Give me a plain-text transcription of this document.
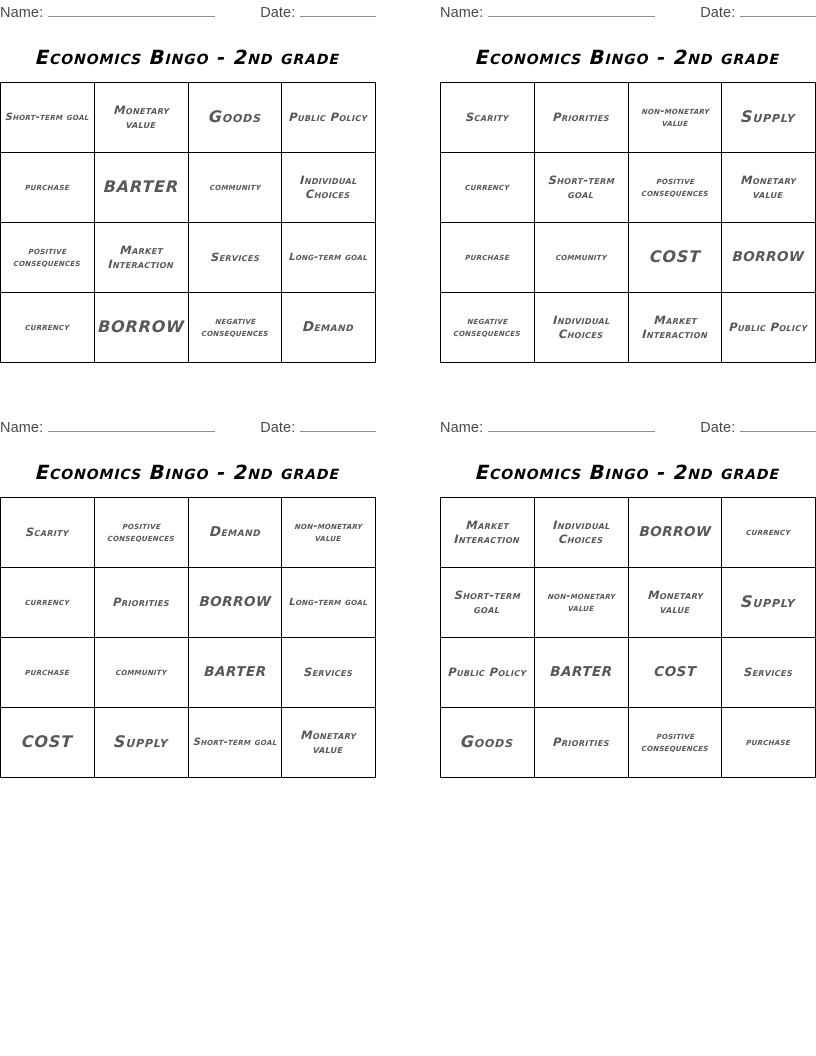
Name:	Date:
Economics Bingo - 2nd grade
Short-term goal	Monetary value	Goods	Public Policy

purchase	BARTER	community	Individual Choices

positive consequences	Market Interaction	Services	Long-term goal

currency	BORROW	negative consequences	Demand
Name:	Date:
Economics Bingo - 2nd grade
Scarity	Priorities	non-monetary value	Supply

currency	Short-term goal	positive consequences	Monetary value

purchase	community	COST	BORROW

negative consequences	Individual Choices	Market Interaction	Public Policy
Name:	Date:
Economics Bingo - 2nd grade
Scarity	positive consequences	Demand	non-monetary value

currency	Priorities	BORROW	Long-term goal

purchase	community	BARTER	Services

COST	Supply	Short-term goal	Monetary value
Name:	Date:
Economics Bingo - 2nd grade
Market Interaction	Individual Choices	BORROW	currency

Short-term goal	non-monetary value	Monetary value	Supply

Public Policy	BARTER	COST	Services

Goods	Priorities	positive consequences	purchase
